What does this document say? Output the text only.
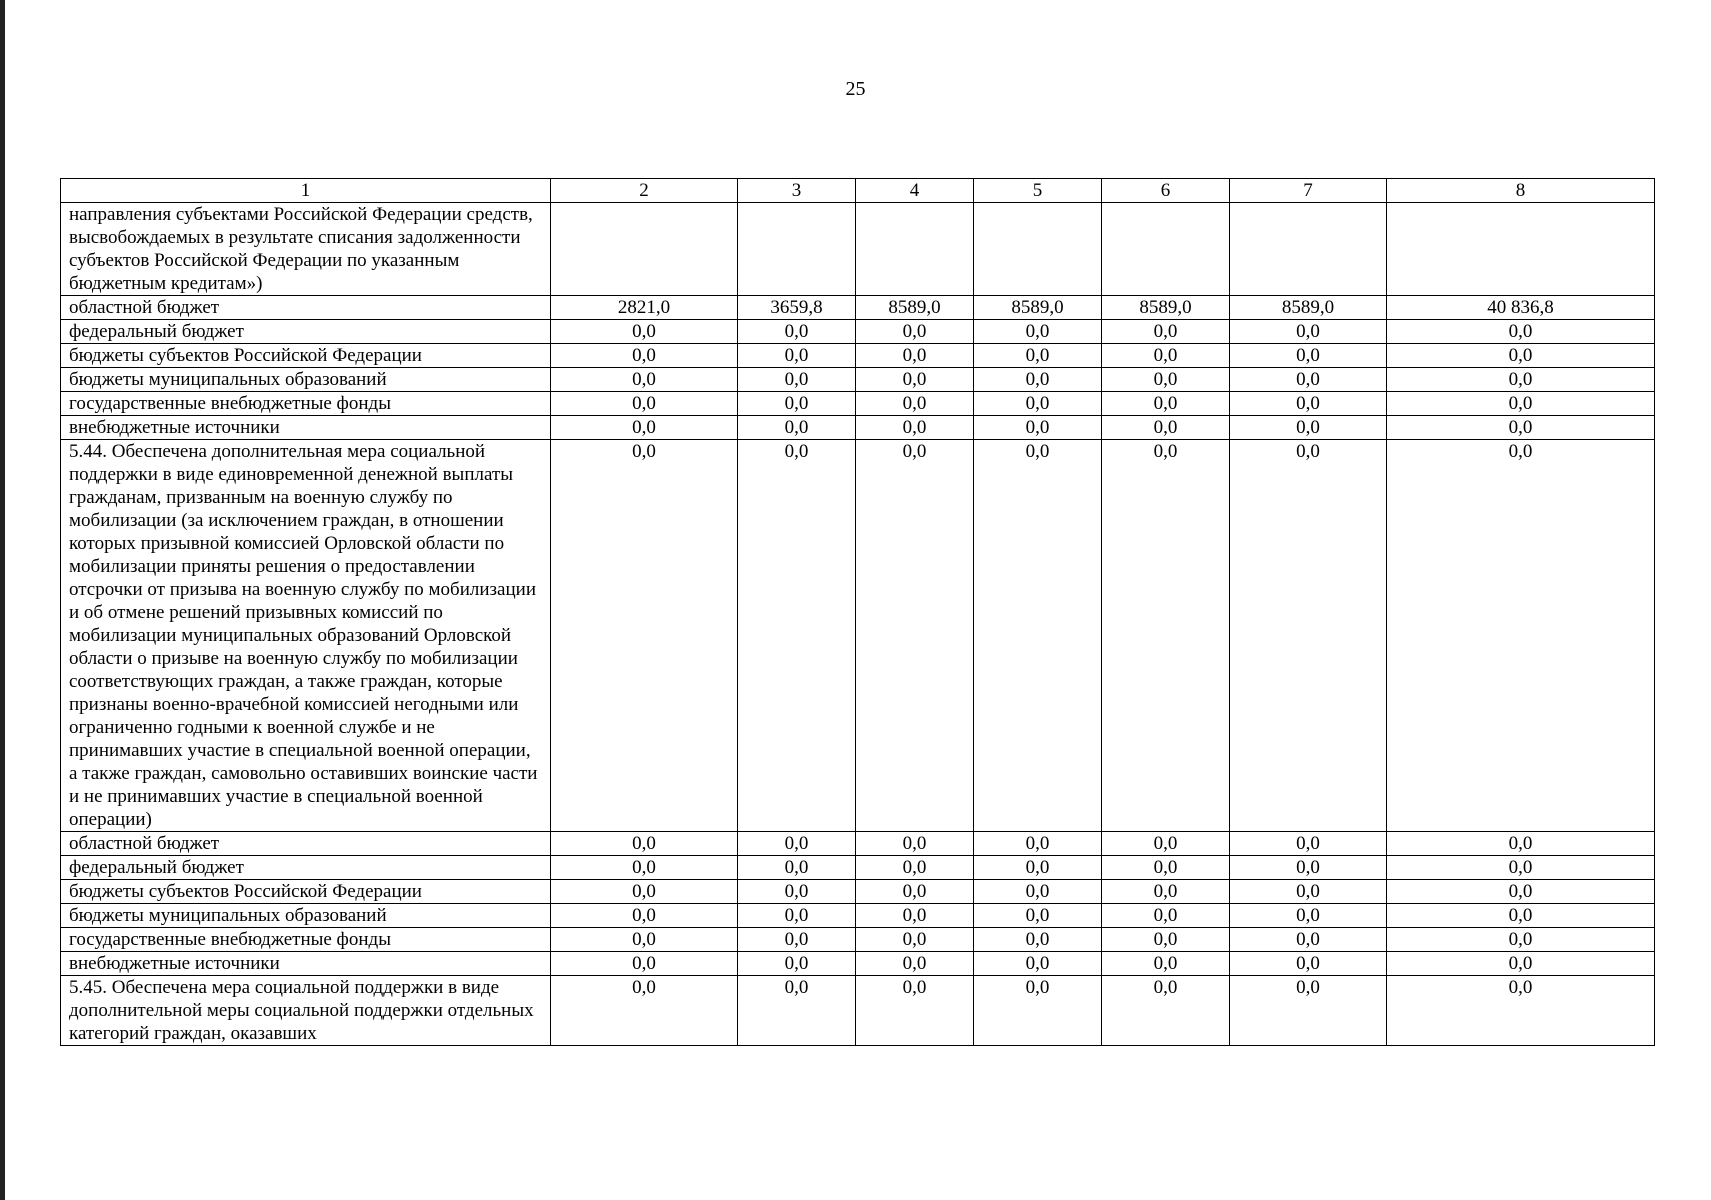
25
1	2	3	4	5	6	7	8
направления субъектами Российской Федерации средств, высвобождаемых в результате списания задолженности субъектов Российской Федерации по указанным бюджетным кредитам»)							
областной бюджет	2821,0	3659,8	8589,0	8589,0	8589,0	8589,0	40 836,8
федеральный бюджет	0,0	0,0	0,0	0,0	0,0	0,0	0,0
бюджеты субъектов Российской Федерации	0,0	0,0	0,0	0,0	0,0	0,0	0,0
бюджеты муниципальных образований	0,0	0,0	0,0	0,0	0,0	0,0	0,0
государственные внебюджетные фонды	0,0	0,0	0,0	0,0	0,0	0,0	0,0
внебюджетные источники	0,0	0,0	0,0	0,0	0,0	0,0	0,0
5.44. Обеспечена дополнительная мера социальной поддержки в виде единовременной денежной выплаты гражданам, призванным на военную службу по мобилизации (за исключением граждан, в отношении которых призывной комиссией Орловской области по мобилизации приняты решения о предоставлении отсрочки от призыва на военную службу по мобилизации и об отмене решений призывных комиссий по мобилизации муниципальных образований Орловской области о призыве на военную службу по мобилизации соответствующих граждан, а также граждан, которые признаны военно-врачебной комиссией негодными или ограниченно годными к военной службе и не принимавших участие в специальной военной операции, а также граждан, самовольно оставивших воинские части и не принимавших участие в специальной военной операции)	0,0	0,0	0,0	0,0	0,0	0,0	0,0
областной бюджет	0,0	0,0	0,0	0,0	0,0	0,0	0,0
федеральный бюджет	0,0	0,0	0,0	0,0	0,0	0,0	0,0
бюджеты субъектов Российской Федерации	0,0	0,0	0,0	0,0	0,0	0,0	0,0
бюджеты муниципальных образований	0,0	0,0	0,0	0,0	0,0	0,0	0,0
государственные внебюджетные фонды	0,0	0,0	0,0	0,0	0,0	0,0	0,0
внебюджетные источники	0,0	0,0	0,0	0,0	0,0	0,0	0,0
5.45. Обеспечена мера социальной поддержки в виде дополнительной меры социальной поддержки отдельных категорий граждан, оказавших	0,0	0,0	0,0	0,0	0,0	0,0	0,0
